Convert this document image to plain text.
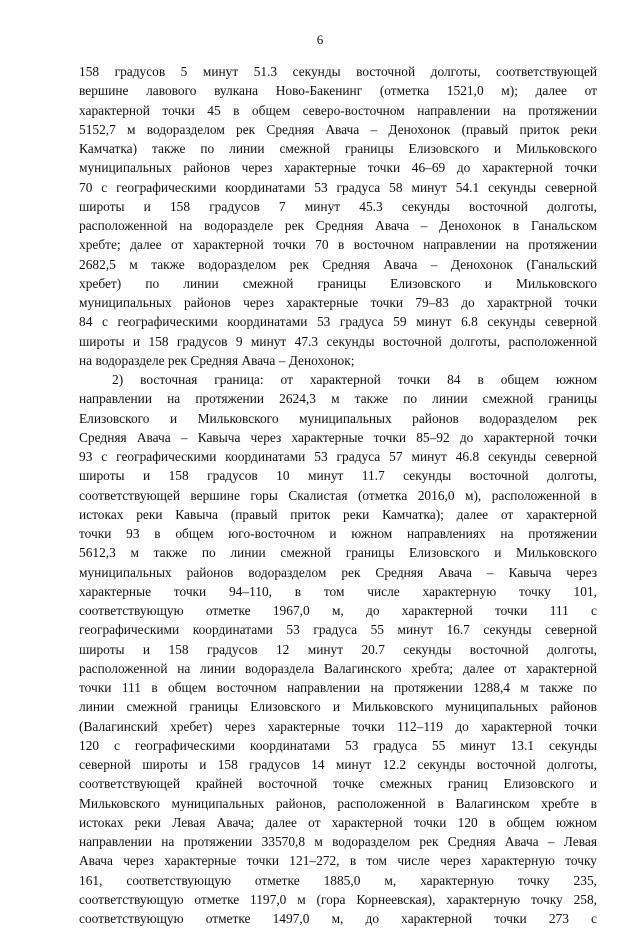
6
158 градусов 5 минут 51.3 секунды восточной долготы, соответствующей
вершине лавового вулкана Ново-Бакенинг (отметка 1521,0 м); далее от
характерной точки 45 в общем северо-восточном направлении на протяжении
5152,7 м водоразделом рек Средняя Авача – Денохонок (правый приток реки
Камчатка) также по линии смежной границы Елизовского и Мильковского
муниципальных районов через характерные точки 46–69 до характерной точки
70 с географическими координатами 53 градуса 58 минут 54.1 секунды северной
широты и 158 градусов 7 минут 45.3 секунды восточной долготы,
расположенной на водоразделе рек Средняя Авача – Денохонок в Ганальском
хребте; далее от характерной точки 70 в восточном направлении на протяжении
2682,5 м также водоразделом рек Средняя Авача – Денохонок (Ганальский
хребет) по линии смежной границы Елизовского и Мильковского
муниципальных районов через характерные точки 79–83 до характрной точки
84 с географическими координатами 53 градуса 59 минут 6.8 секунды северной
широты и 158 градусов 9 минут 47.3 секунды восточной долготы, расположенной
на водоразделе рек Средняя Авача – Денохонок;
2) восточная граница: от характерной точки 84 в общем южном
направлении на протяжении 2624,3 м также по линии смежной границы
Елизовского и Мильковского муниципальных районов водоразделом рек
Средняя Авача – Кавыча через характерные точки 85–92 до характерной точки
93 с географическими координатами 53 градуса 57 минут 46.8 секунды северной
широты и 158 градусов 10 минут 11.7 секунды восточной долготы,
соответствующей вершине горы Скалистая (отметка 2016,0 м), расположенной в
истоках реки Кавыча (правый приток реки Камчатка); далее от характерной
точки 93 в общем юго-восточном и южном направлениях на протяжении
5612,3 м также по линии смежной границы Елизовского и Мильковского
муниципальных районов водоразделом рек Средняя Авача – Кавыча через
характерные точки 94–110, в том числе характерную точку 101,
соответствующую отметке 1967,0 м, до характерной точки 111 с
географическими координатами 53 градуса 55 минут 16.7 секунды северной
широты и 158 градусов 12 минут 20.7 секунды восточной долготы,
расположенной на линии водораздела Валагинского хребта; далее от характерной
точки 111 в общем восточном направлении на протяжении 1288,4 м также по
линии смежной границы Елизовского и Мильковского муниципальных районов
(Валагинский хребет) через характерные точки 112–119 до характерной точки
120 с географическими координатами 53 градуса 55 минут 13.1 секунды
северной широты и 158 градусов 14 минут 12.2 секунды восточной долготы,
соответствующей крайней восточной точке смежных границ Елизовского и
Мильковского муниципальных районов, расположенной в Валагинском хребте в
истоках реки Левая Авача; далее от характерной точки 120 в общем южном
направлении на протяжении 33570,8 м водоразделом рек Средняя Авача – Левая
Авача через характерные точки 121–272, в том числе через характерную точку
161, соответствующую отметке 1885,0 м, характерную точку 235,
соответствующую отметке 1197,0 м (гора Корнеевская), характерную точку 258,
соответствующую отметке 1497,0 м, до характерной точки 273 с
